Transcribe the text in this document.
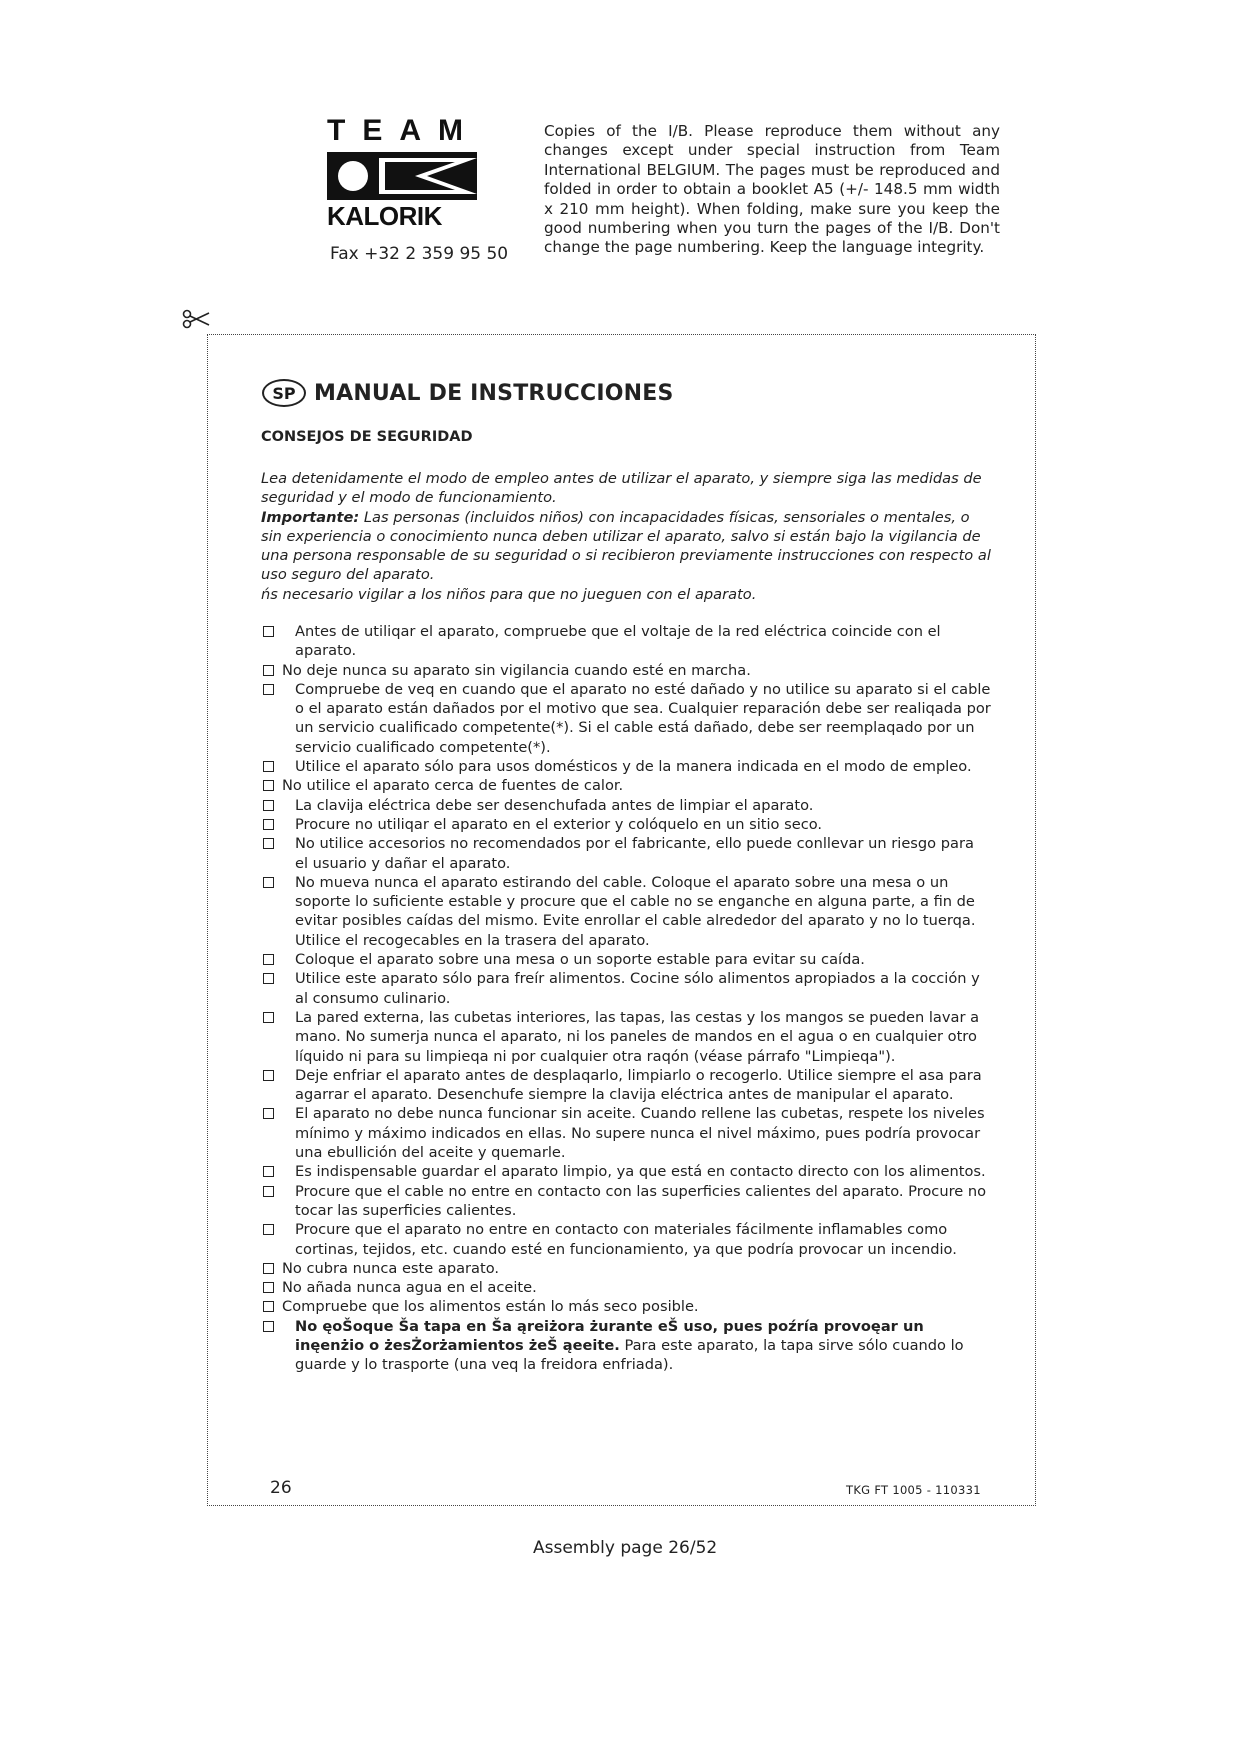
TEAM
KALORIK
Fax +32 2 359 95 50
Copies of the I/B. Please reproduce them without any changes except under special instruction from Team International BELGIUM. The pages must be reproduced and folded in order to obtain a booklet A5 (+/- 148.5 mm width x 210 mm height). When folding, make sure you keep the good numbering when you turn the pages of the I/B. Don't change the page numbering. Keep the language integrity.
SP MANUAL DE INSTRUCCIONES
CONSEJOS DE SEGURIDAD

Lea detenidamente el modo de empleo antes de utilizar el aparato, y siempre siga las medidas de seguridad y el modo de funcionamiento.

Importante: Las personas (incluidos niños) con incapacidades físicas, sensoriales o mentales, o sin experiencia o conocimiento nunca deben utilizar el aparato, salvo si están bajo la vigilancia de una persona responsable de su seguridad o si recibieron previamente instrucciones con respecto al uso seguro del aparato.

ńs necesario vigilar a los niños para que no jueguen con el aparato.

Antes de utiliqar el aparato, compruebe que el voltaje de la red eléctrica coincide con el aparato.
No deje nunca su aparato sin vigilancia cuando esté en marcha.
Compruebe de veq en cuando que el aparato no esté dañado y no utilice su aparato si el cable o el aparato están dañados por el motivo que sea. Cualquier reparación debe ser realiqada por un servicio cualificado competente(*). Si el cable está dañado, debe ser reemplaqado por un servicio cualificado competente(*).
Utilice el aparato sólo para usos domésticos y de la manera indicada en el modo de empleo.
No utilice el aparato cerca de fuentes de calor.
La clavija eléctrica debe ser desenchufada antes de limpiar el aparato.
Procure no utiliqar el aparato en el exterior y colóquelo en un sitio seco.
No utilice accesorios no recomendados por el fabricante, ello puede conllevar un riesgo para el usuario y dañar el aparato.
No mueva nunca el aparato estirando del cable. Coloque el aparato sobre una mesa o un soporte lo suficiente estable y procure que el cable no se enganche en alguna parte, a fin de evitar posibles caídas del mismo. Evite enrollar el cable alrededor del aparato y no lo tuerqa. Utilice el recogecables en la trasera del aparato.
Coloque el aparato sobre una mesa o un soporte estable para evitar su caída.
Utilice este aparato sólo para freír alimentos. Cocine sólo alimentos apropiados a la cocción y al consumo culinario.
La pared externa, las cubetas interiores, las tapas, las cestas y los mangos se pueden lavar a mano. No sumerja nunca el aparato, ni los paneles de mandos en el agua o en cualquier otro líquido ni para su limpieqa ni por cualquier otra raqón (véase párrafo "Limpieqa").
Deje enfriar el aparato antes de desplaqarlo, limpiarlo o recogerlo. Utilice siempre el asa para agarrar el aparato. Desenchufe siempre la clavija eléctrica antes de manipular el aparato.
El aparato no debe nunca funcionar sin aceite. Cuando rellene las cubetas, respete los niveles mínimo y máximo indicados en ellas. No supere nunca el nivel máximo, pues podría provocar una ebullición del aceite y quemarle.
Es indispensable guardar el aparato limpio, ya que está en contacto directo con los alimentos.
Procure que el cable no entre en contacto con las superficies calientes del aparato. Procure no tocar las superficies calientes.
Procure que el aparato no entre en contacto con materiales fácilmente inflamables como cortinas, tejidos, etc. cuando esté en funcionamiento, ya que podría provocar un incendio.
No cubra nunca este aparato.
No añada nunca agua en el aceite.
Compruebe que los alimentos están lo más seco posible.
No ęoŠoque Ša tapa en Ša ąreiżora żurante eŠ uso, pues poźría provoęar un inęenżio o żesŻorżamientos żeŠ ąeeite. Para este aparato, la tapa sirve sólo cuando lo guarde y lo trasporte (una veq la freidora enfriada).
26	TKG FT 1005 - 110331
Assembly page 26/52
